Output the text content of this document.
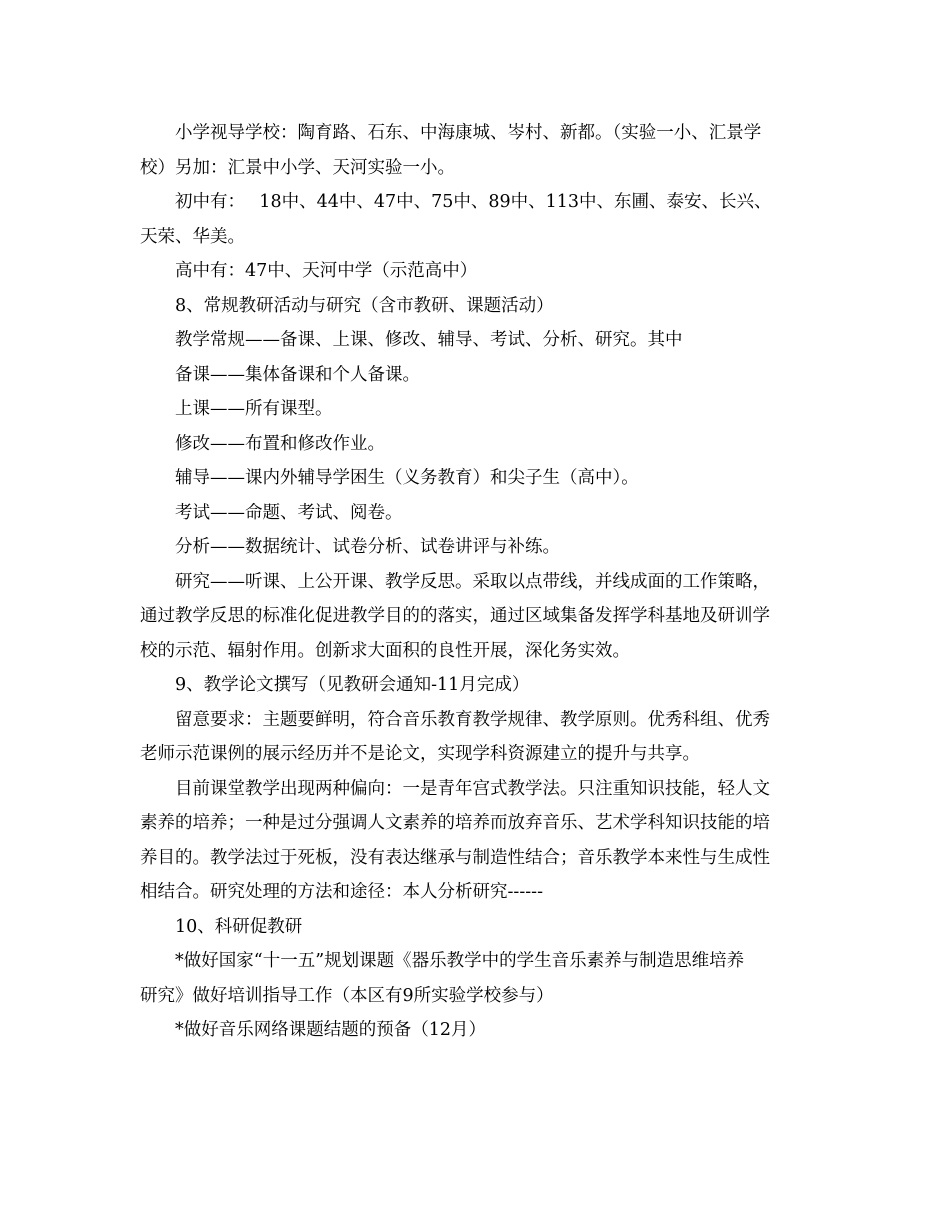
小学视导学校：陶育路、石东、中海康城、岑村、新都。（实验一小、汇景学
校）另加：汇景中小学、天河实验一小。

初中有：　 18中、44中、47中、75中、89中、113中、东圃、泰安、长兴、
天荣、华美。

高中有：47中、天河中学（示范高中）

8、常规教研活动与研究（含市教研、课题活动）

教学常规——备课、上课、修改、辅导、考试、分析、研究。其中

备课——集体备课和个人备课。

上课——所有课型。

修改——布置和修改作业。

辅导——课内外辅导学困生（义务教育）和尖子生（高中）。

考试——命题、考试、阅卷。

分析——数据统计、试卷分析、试卷讲评与补练。

研究——听课、上公开课、教学反思。采取以点带线，并线成面的工作策略，
通过教学反思的标准化促进教学目的的落实，通过区域集备发挥学科基地及研训学
校的示范、辐射作用。创新求大面积的良性开展，深化务实效。

9、教学论文撰写（见教研会通知-11月完成）

留意要求：主题要鲜明，符合音乐教育教学规律、教学原则。优秀科组、优秀
老师示范课例的展示经历并不是论文，实现学科资源建立的提升与共享。

目前课堂教学出现两种偏向：一是青年宫式教学法。只注重知识技能，轻人文
素养的培养；一种是过分强调人文素养的培养而放弃音乐、艺术学科知识技能的培
养目的。教学法过于死板，没有表达继承与制造性结合；音乐教学本来性与生成性
相结合。研究处理的方法和途径：本人分析研究------

10、科研促教研

*做好国家“十一五”规划课题《器乐教学中的学生音乐素养与制造思维培养
研究》做好培训指导工作（本区有9所实验学校参与）

*做好音乐网络课题结题的预备（12月）
